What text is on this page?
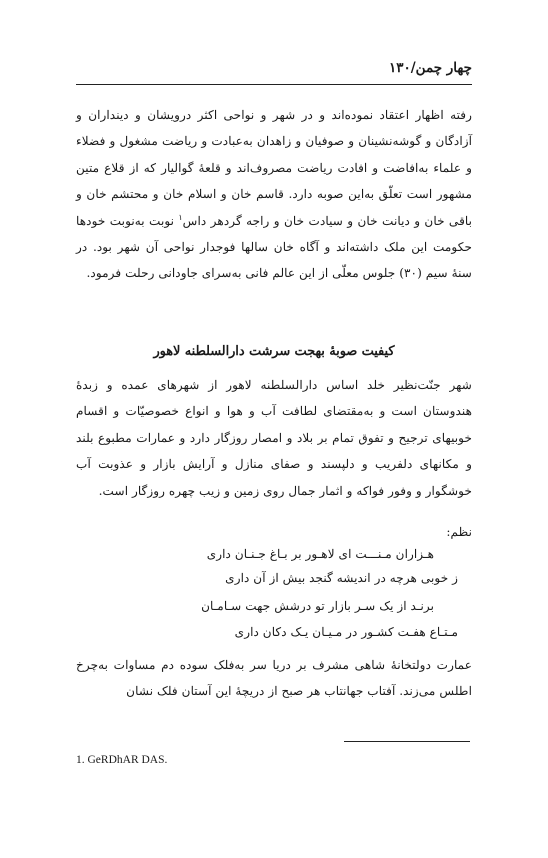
چهار چمن/۱۳۰

رفته اظهار اعتقاد نموده‌اند و در شهر و نواحی اکثر درویشان و دینداران و آزادگان و گوشه‌نشینان و صوفیان و زاهدان به‌عبادت و ریاضت مشغول و فضلاء و علماء به‌افاضت و افادت ریاضت مصروف‌اند و قلعهٔ گوالیار که از قلاع متین مشهور است تعلّق به‌این صوبه دارد. قاسم خان و اسلام خان و محتشم خان و باقی خان و دیانت خان و سیادت خان و راجه گردهر داس$^۱$ نوبت به‌نوبت خودها حکومت این ملک داشته‌اند و آگاه خان سالها فوجدار نواحی آن شهر بود. در سنهٔ سیم (۳۰) جلوس معلّی از این عالم فانی به‌سرای جاودانی رحلت فرمود.

کیفیت صوبهٔ بهجت سرشت دارالسلطنه لاهور

شهر جنّت‌نظیر خلد اساس دارالسلطنه لاهور از شهرهای عمده و زبدهٔ هندوستان است و به‌مقتضای لطافت آب و هوا و انواع خصوصیّات و اقسام خوبیهای ترجیح و تفوق تمام بر بلاد و امصار روزگار دارد و عمارات مطبوع بلند و مکانهای دلفریب و دلپسند و صفای منازل و آرایش بازار و عذوبت آب خوشگوار و وفور فواکه و اثمار جمال روی زمین و زیب چهره روزگار است.

نظم:
هـزاران مـنـــت ای لاهـور بر بـاغ جـنـان داری
ز خوبی هرچه در اندیشه گنجد بیش از آن داری
برنـد از یک سـر بازار تو درشش جهت سـامـان
مـتـاع هفـت کشـور در مـیـان یـک دکان داری

عمارت دولتخانهٔ شاهی مشرف بر دریا سر به‌فلک سوده دم مساوات به‌چرخ اطلس می‌زند. آفتاب جهانتاب هر صبح از دریچهٔ این آستان فلک نشان

1. GeRDhAR DAS.
